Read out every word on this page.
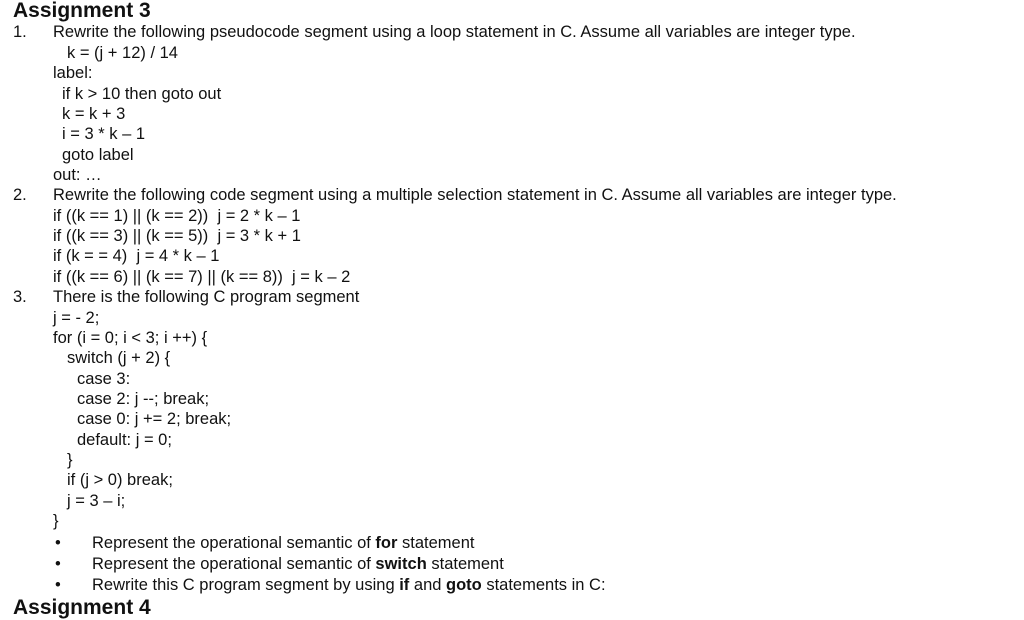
Assignment 3
1. Rewrite the following pseudocode segment using a loop statement in C. Assume all variables are integer type.
k = (j + 12) / 14
label:
if k > 10 then goto out
k = k + 3
i = 3 * k – 1
goto label
out: …
2. Rewrite the following code segment using a multiple selection statement in C. Assume all variables are integer type.
if ((k == 1) || (k == 2))  j = 2 * k – 1
if ((k == 3) || (k == 5))  j = 3 * k + 1
if (k = = 4)  j = 4 * k – 1
if ((k == 6) || (k == 7) || (k == 8))  j = k – 2
3. There is the following C program segment
j = - 2;
for (i = 0; i < 3; i ++) {
switch (j + 2) {
case 3:
case 2: j --; break;
case 0: j += 2; break;
default: j = 0;
}
if (j > 0) break;
j = 3 – i;
}
• Represent the operational semantic of for statement
• Represent the operational semantic of switch statement
• Rewrite this C program segment by using if and goto statements in C:
Assignment 4
